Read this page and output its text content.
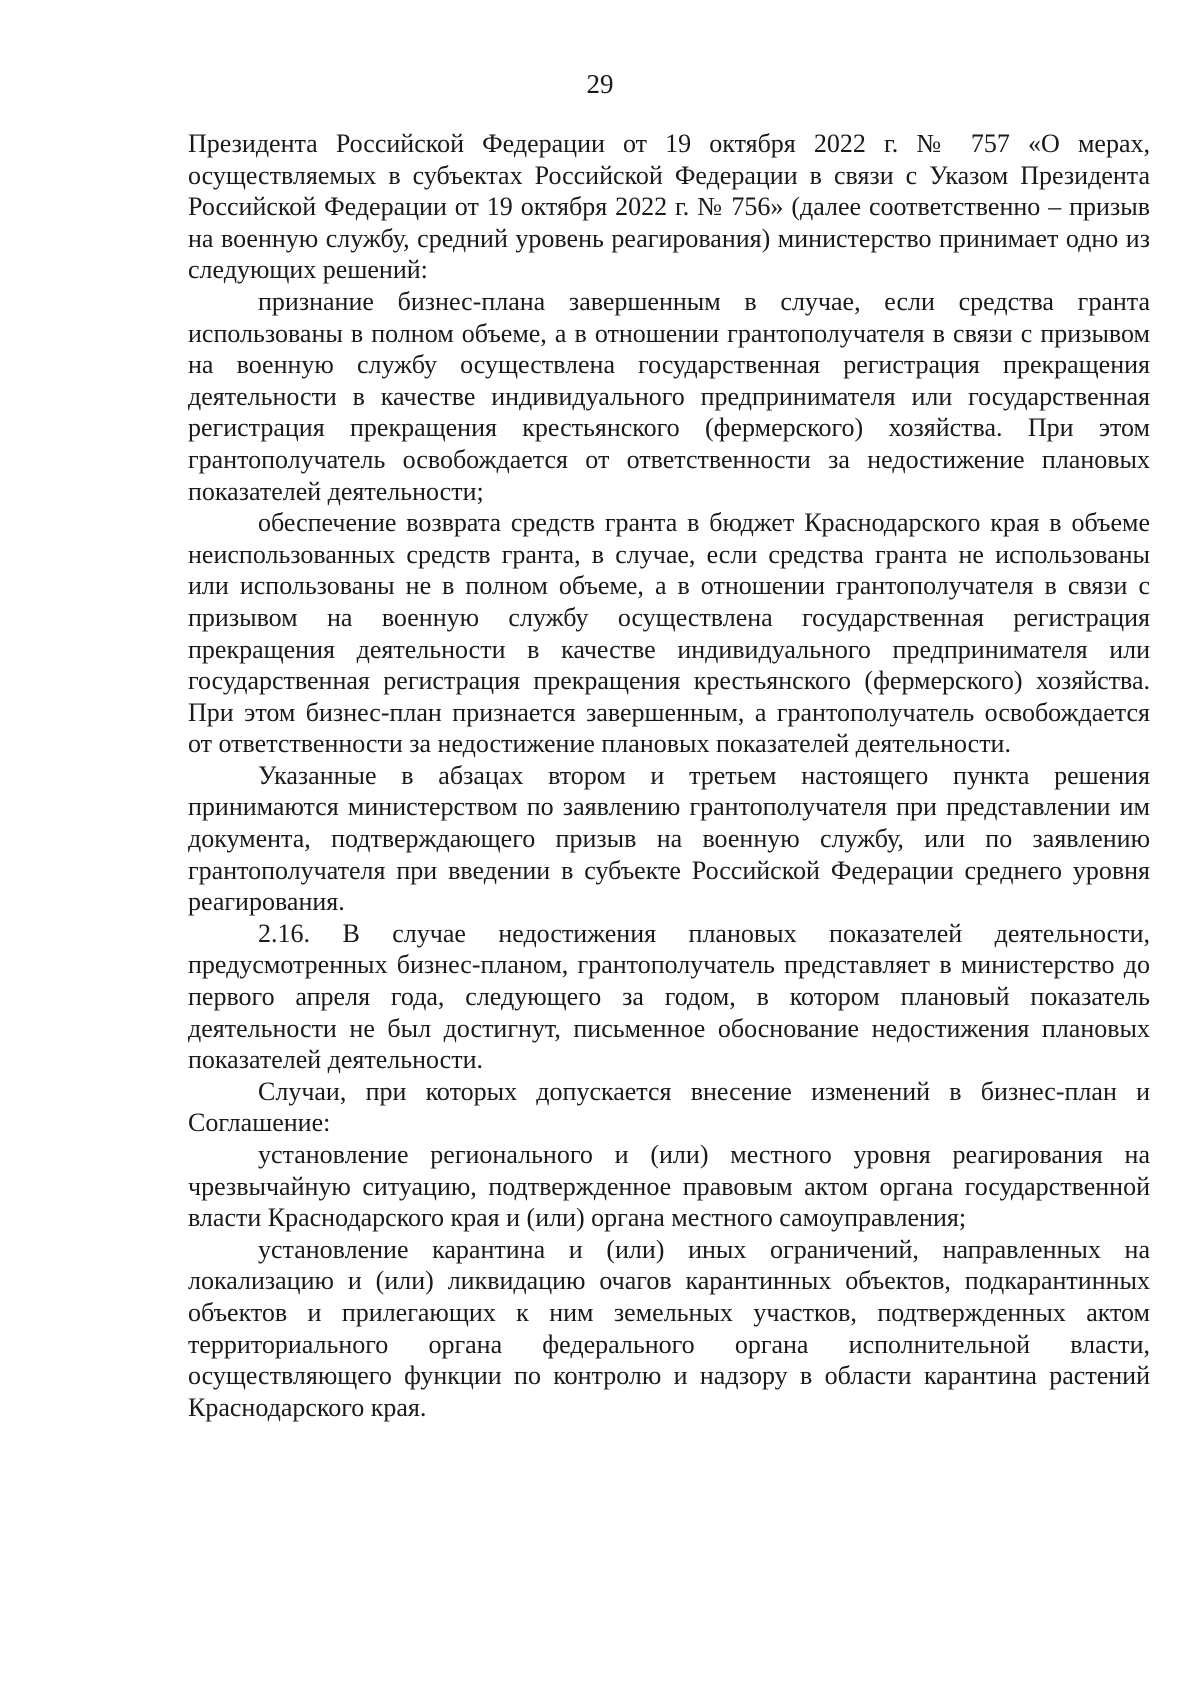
29

Президента Российской Федерации от 19 октября 2022 г. № 757 «О мерах, осуществляемых в субъектах Российской Федерации в связи с Указом Президента Российской Федерации от 19 октября 2022 г. № 756» (далее соответственно – призыв на военную службу, средний уровень реагирования) министерство принимает одно из следующих решений:

признание бизнес-плана завершенным в случае, если средства гранта использованы в полном объеме, а в отношении грантополучателя в связи с призывом на военную службу осуществлена государственная регистрация прекращения деятельности в качестве индивидуального предпринимателя или государственная регистрация прекращения крестьянского (фермерского) хозяйства. При этом грантополучатель освобождается от ответственности за недостижение плановых показателей деятельности;

обеспечение возврата средств гранта в бюджет Краснодарского края в объеме неиспользованных средств гранта, в случае, если средства гранта не использованы или использованы не в полном объеме, а в отношении грантополучателя в связи с призывом на военную службу осуществлена государственная регистрация прекращения деятельности в качестве индивидуального предпринимателя или государственная регистрация прекращения крестьянского (фермерского) хозяйства. При этом бизнес-план признается завершенным, а грантополучатель освобождается от ответственности за недостижение плановых показателей деятельности.

Указанные в абзацах втором и третьем настоящего пункта решения принимаются министерством по заявлению грантополучателя при представлении им документа, подтверждающего призыв на военную службу, или по заявлению грантополучателя при введении в субъекте Российской Федерации среднего уровня реагирования.

2.16. В случае недостижения плановых показателей деятельности, предусмотренных бизнес-планом, грантополучатель представляет в министерство до первого апреля года, следующего за годом, в котором плановый показатель деятельности не был достигнут, письменное обоснование недостижения плановых показателей деятельности.

Случаи, при которых допускается внесение изменений в бизнес-план и Соглашение:

установление регионального и (или) местного уровня реагирования на чрезвычайную ситуацию, подтвержденное правовым актом органа государственной власти Краснодарского края и (или) органа местного самоуправления;

установление карантина и (или) иных ограничений, направленных на локализацию и (или) ликвидацию очагов карантинных объектов, подкарантинных объектов и прилегающих к ним земельных участков, подтвержденных актом территориального органа федерального органа исполнительной власти, осуществляющего функции по контролю и надзору в области карантина растений Краснодарского края.
